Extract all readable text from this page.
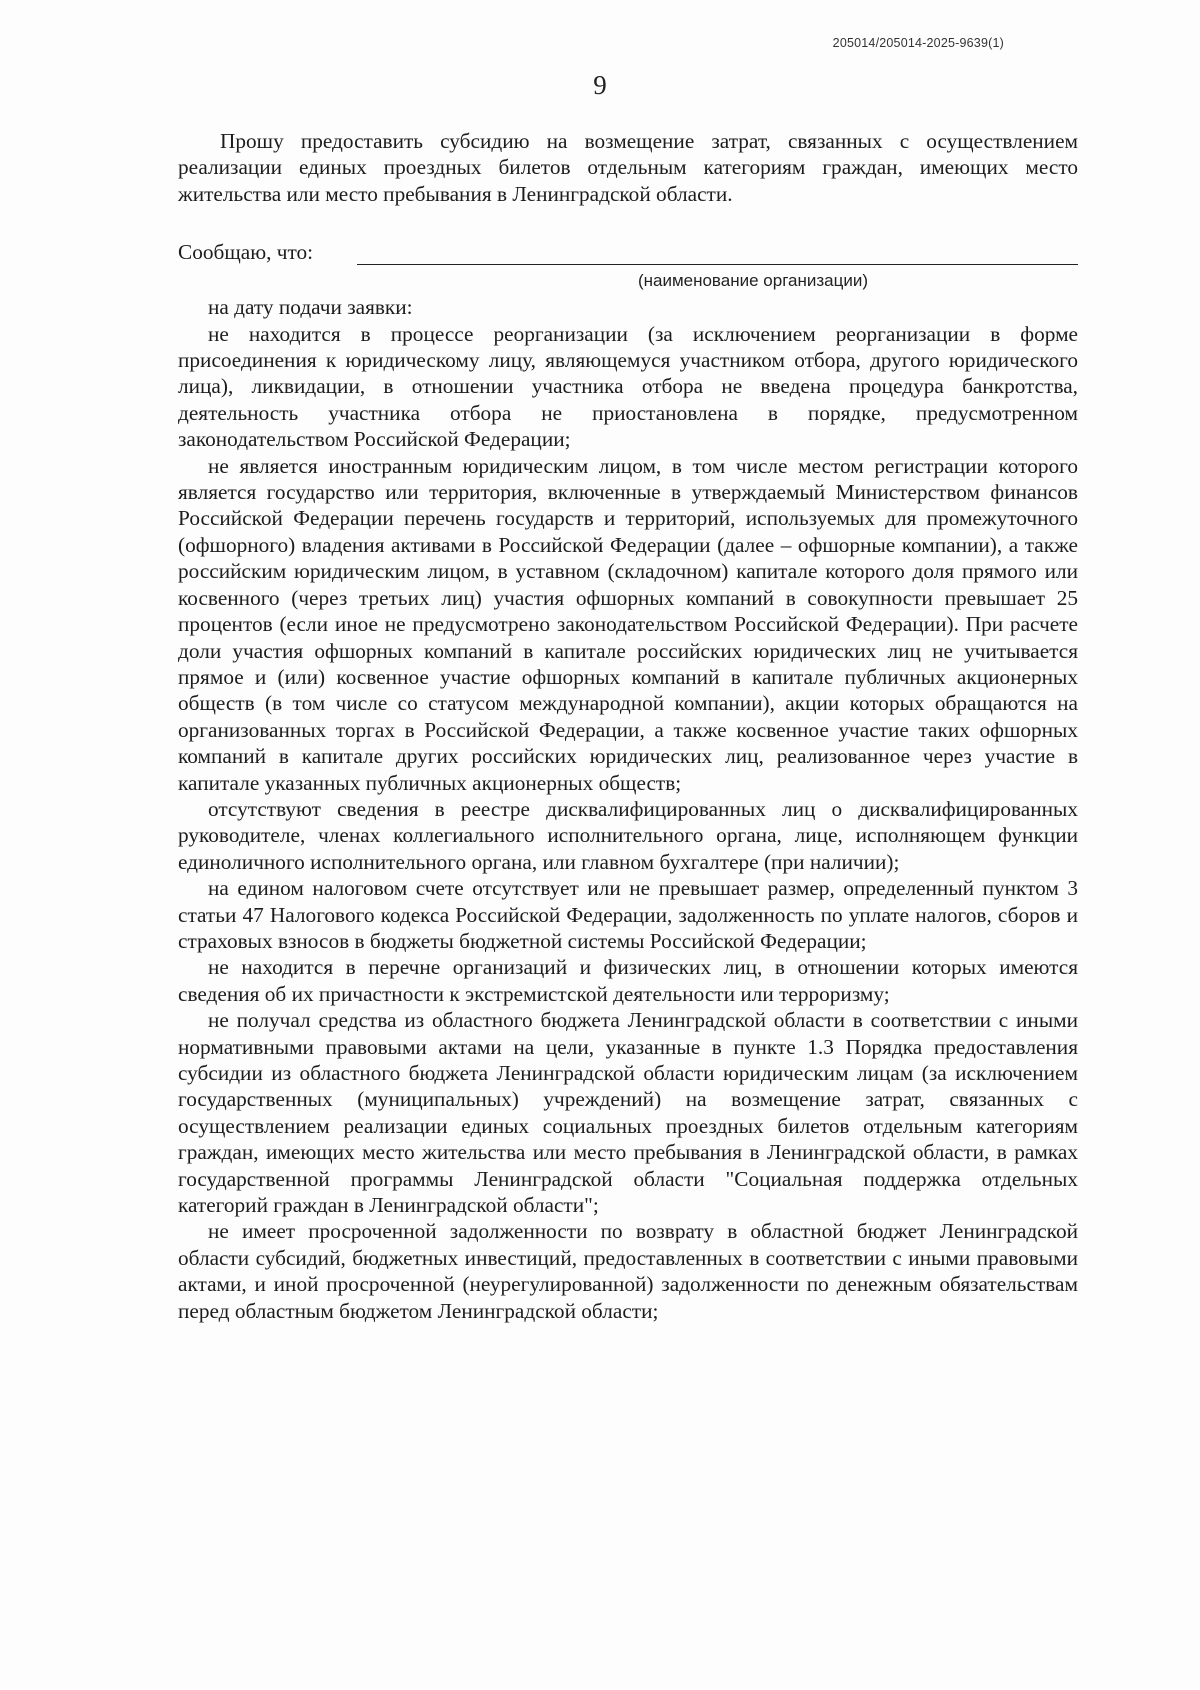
205014/205014-2025-9639(1)
9

Прошу предоставить субсидию на возмещение затрат, связанных с осуществлением реализации единых проездных билетов отдельным категориям граждан, имеющих место жительства или место пребывания в Ленинградской области.

Сообщаю, что:
(наименование организации)

на дату подачи заявки:

не находится в процессе реорганизации (за исключением реорганизации в форме присоединения к юридическому лицу, являющемуся участником отбора, другого юридического лица), ликвидации, в отношении участника отбора не введена процедура банкротства, деятельность участника отбора не приостановлена в порядке, предусмотренном законодательством Российской Федерации;

не является иностранным юридическим лицом, в том числе местом регистрации которого является государство или территория, включенные в утверждаемый Министерством финансов Российской Федерации перечень государств и территорий, используемых для промежуточного (офшорного) владения активами в Российской Федерации (далее – офшорные компании), а также российским юридическим лицом, в уставном (складочном) капитале которого доля прямого или косвенного (через третьих лиц) участия офшорных компаний в совокупности превышает 25 процентов (если иное не предусмотрено законодательством Российской Федерации). При расчете доли участия офшорных компаний в капитале российских юридических лиц не учитывается прямое и (или) косвенное участие офшорных компаний в капитале публичных акционерных обществ (в том числе со статусом международной компании), акции которых обращаются на организованных торгах в Российской Федерации, а также косвенное участие таких офшорных компаний в капитале других российских юридических лиц, реализованное через участие в капитале указанных публичных акционерных обществ;

отсутствуют сведения в реестре дисквалифицированных лиц о дисквалифицированных руководителе, членах коллегиального исполнительного органа, лице, исполняющем функции единоличного исполнительного органа, или главном бухгалтере (при наличии);

на едином налоговом счете отсутствует или не превышает размер, определенный пунктом 3 статьи 47 Налогового кодекса Российской Федерации, задолженность по уплате налогов, сборов и страховых взносов в бюджеты бюджетной системы Российской Федерации;

не находится в перечне организаций и физических лиц, в отношении которых имеются сведения об их причастности к экстремистской деятельности или терроризму;

не получал средства из областного бюджета Ленинградской области в соответствии с иными нормативными правовыми актами на цели, указанные в пункте 1.3 Порядка предоставления субсидии из областного бюджета Ленинградской области юридическим лицам (за исключением государственных (муниципальных) учреждений) на возмещение затрат, связанных с осуществлением реализации единых социальных проездных билетов отдельным категориям граждан, имеющих место жительства или место пребывания в Ленинградской области, в рамках государственной программы Ленинградской области "Социальная поддержка отдельных категорий граждан в Ленинградской области";

не имеет просроченной задолженности по возврату в областной бюджет Ленинградской области субсидий, бюджетных инвестиций, предоставленных в соответствии с иными правовыми актами, и иной просроченной (неурегулированной) задолженности по денежным обязательствам перед областным бюджетом Ленинградской области;
